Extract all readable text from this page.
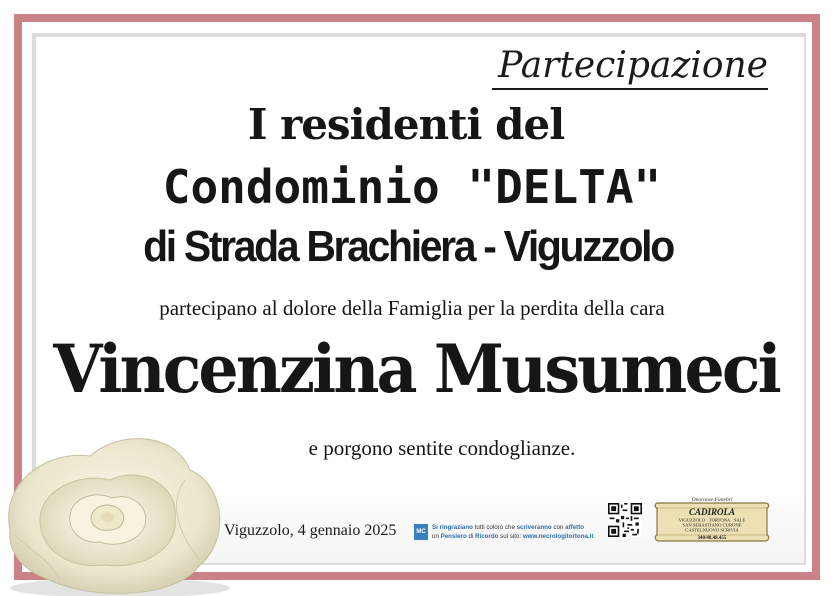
Partecipazione
I residenti del
Condominio "DELTA"
di Strada Brachiera - Viguzzolo
partecipano al dolore della Famiglia per la perdita della cara
Vincenzina Musumeci
e porgono sentite condoglianze.
Viguzzolo, 4 gennaio 2025	MC
Si ringraziano tutti coloro che scriveranno con affetto
un Pensiero di Ricordo sul sito: www.necrologitortona.it
Onoranze Funebri
CADIROLA
VIGUZZOLO · TORTONA · SALE
SAN SEBASTIANO CURONE
CASTELNUOVO SCRIVIA
340/48.48.455
